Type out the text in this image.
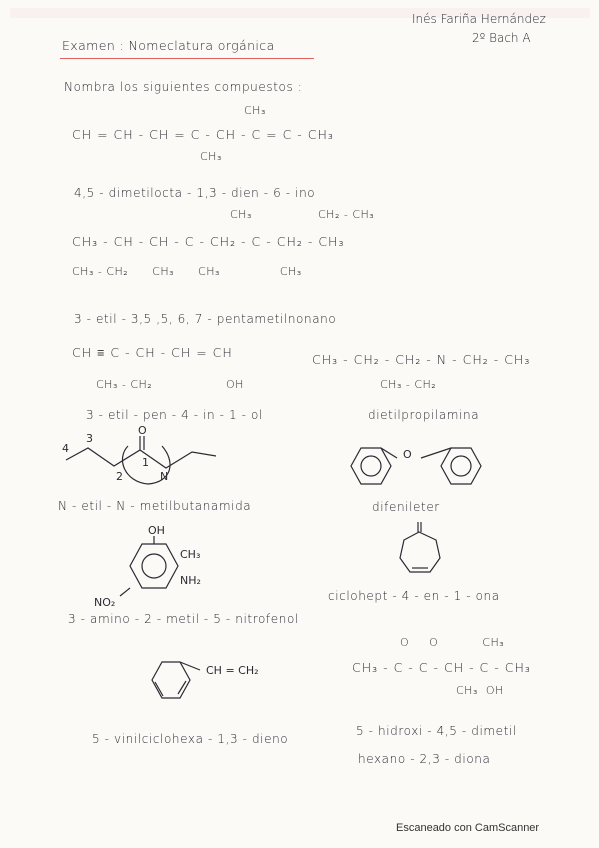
Inés Fariña Hernández
2º Bach A
Examen : Nomeclatura orgánica
Nombra los siguientes compuestos :
CH₃
CH = CH - CH = C - CH - C = C - CH₃
CH₃
4,5 - dimetilocta - 1,3 - dien - 6 - ino
CH₃	CH₂ - CH₃
CH₃ - CH - CH - C - CH₂ - C - CH₂ - CH₃
CH₃ - CH₂      CH₃      CH₃               CH₃
3 - etil - 3,5 ,5, 6, 7 - pentametilnonano
CH ≡ C - CH - CH = CH
CH₃ - CH₂	OH
3 - etil - pen - 4 - in - 1 - ol
CH₃ - CH₂ - CH₂ - N - CH₂ - CH₃
CH₃ - CH₂
dietilpropilamina
4
3
2
1
O
N
N - etil - N - metilbutanamida
O
difenileter
OH
CH₃
NH₂
NO₂
3 - amino - 2 - metil - 5 - nitrofenol
ciclohept - 4 - en - 1 - ona
CH = CH₂
5 - vinilciclohexa - 1,3 - dieno
O     O           CH₃
CH₃ - C - C - CH - C - CH₃
CH₃  OH
5 - hidroxi - 4,5 - dimetil
hexano - 2,3 - diona
Escaneado con CamScanner
